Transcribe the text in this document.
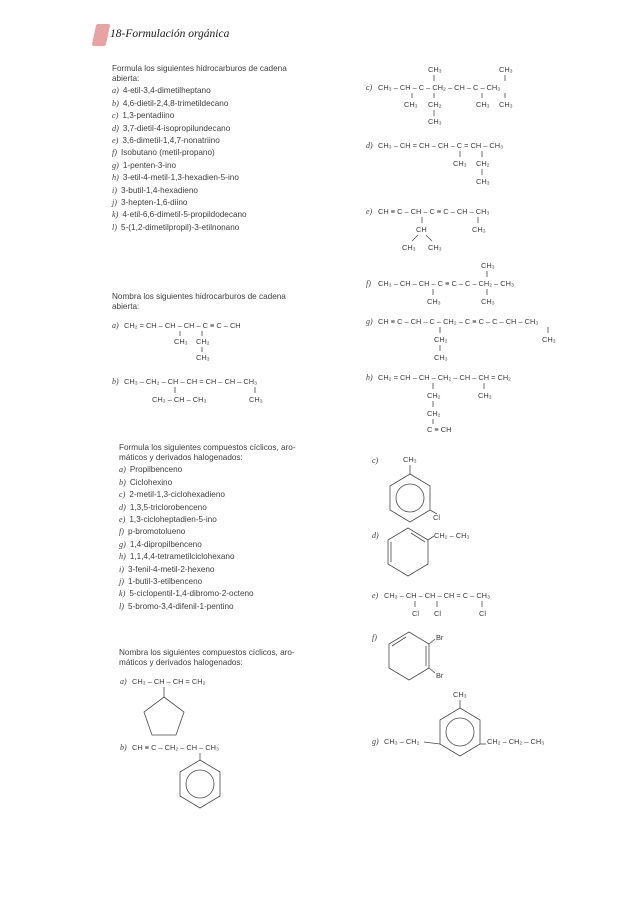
18-Formulación orgánica
Formula los siguientes hidrocarburos de cadena
abierta:
a) 4-etil-3,4-dimetilheptano
b) 4,6-dietil-2,4,8-trimetildecano
c) 1,3-pentadiino
d) 3,7-dietil-4-isopropilundecano
e) 3,6-dimetil-1,4,7-nonatriino
f) Isobutano (metil-propano)
g) 1-penten-3-ino
h) 3-etil-4-metil-1,3-hexadien-5-ino
i) 3-butil-1,4-hexadieno
j) 3-hepten-1,6-diino
k) 4-etil-6,6-dimetil-5-propildodecano
l) 5-(1,2-dimetilpropil)-3-etilnonano
Nombra los siguientes hidrocarburos de cadena
abierta:
Formula los siguientes compuestos cíclicos, aro-
máticos y derivados halogenados:
a) Propilbenceno
b) Ciclohexino
c) 2-metil-1,3-ciclohexadieno
d) 1,3,5-triclorobenceno
e) 1,3-cicloheptadien-5-ino
f) p-bromotolueno
g) 1,4-dipropilbenceno
h) 1,1,4,4-tetrametilciclohexano
i) 3-fenil-4-metil-2-hexeno
j) 1-butil-3-etilbenceno
k) 5-ciclopentil-1,4-dibromo-2-octeno
l) 5-bromo-3,4-difenil-1-pentino
Nombra los siguientes compuestos cíclicos, aro-
máticos y derivados halogenados:
a) CH₂ = CH – CH – CH – C ≡ C – CH
CH₃ CH₂
CH₃
b) CH₃ – CH₂ – CH – CH = CH – CH – CH₃
CH₃ – CH – CH₃	CH₃
CH₃	CH₃
c) CH₃ – CH – C – CH₂ – CH – C – CH₃
CH₂
CH₃	CH₃ CH₃
CH₃
d) CH₃ – CH = CH – CH – C = CH – CH₃
CH₃ CH₂
CH₃
e) CH ≡ C – CH – C ≡ C – CH – CH₃
CH	CH₃
CH₃ CH₃
CH₃
f) CH₃ – CH – CH – C ≡ C – C – CH₂ – CH₃
CH₃	CH₃
g) CH ≡ C – CH – C – CH₂ – C ≡ C – C – CH – CH₃
CH₂	CH₃
CH₃
h) CH₂ = CH – CH – CH₂ – CH – CH = CH₂
CH₂	CH₃
CH₂
C ≡ CH
c)	CH₃
Cl
d)	CH₂ – CH₃
e) CH₃ – CH – CH – CH = C – CH₃
Cl Cl	Cl
f)	Br
Br
CH₃
g) CH₃ – CH₂	CH₂ – CH₂ – CH₃
a) CH₃ – CH – CH = CH₂
b) CH ≡ C – CH₂ – CH – CH₃
